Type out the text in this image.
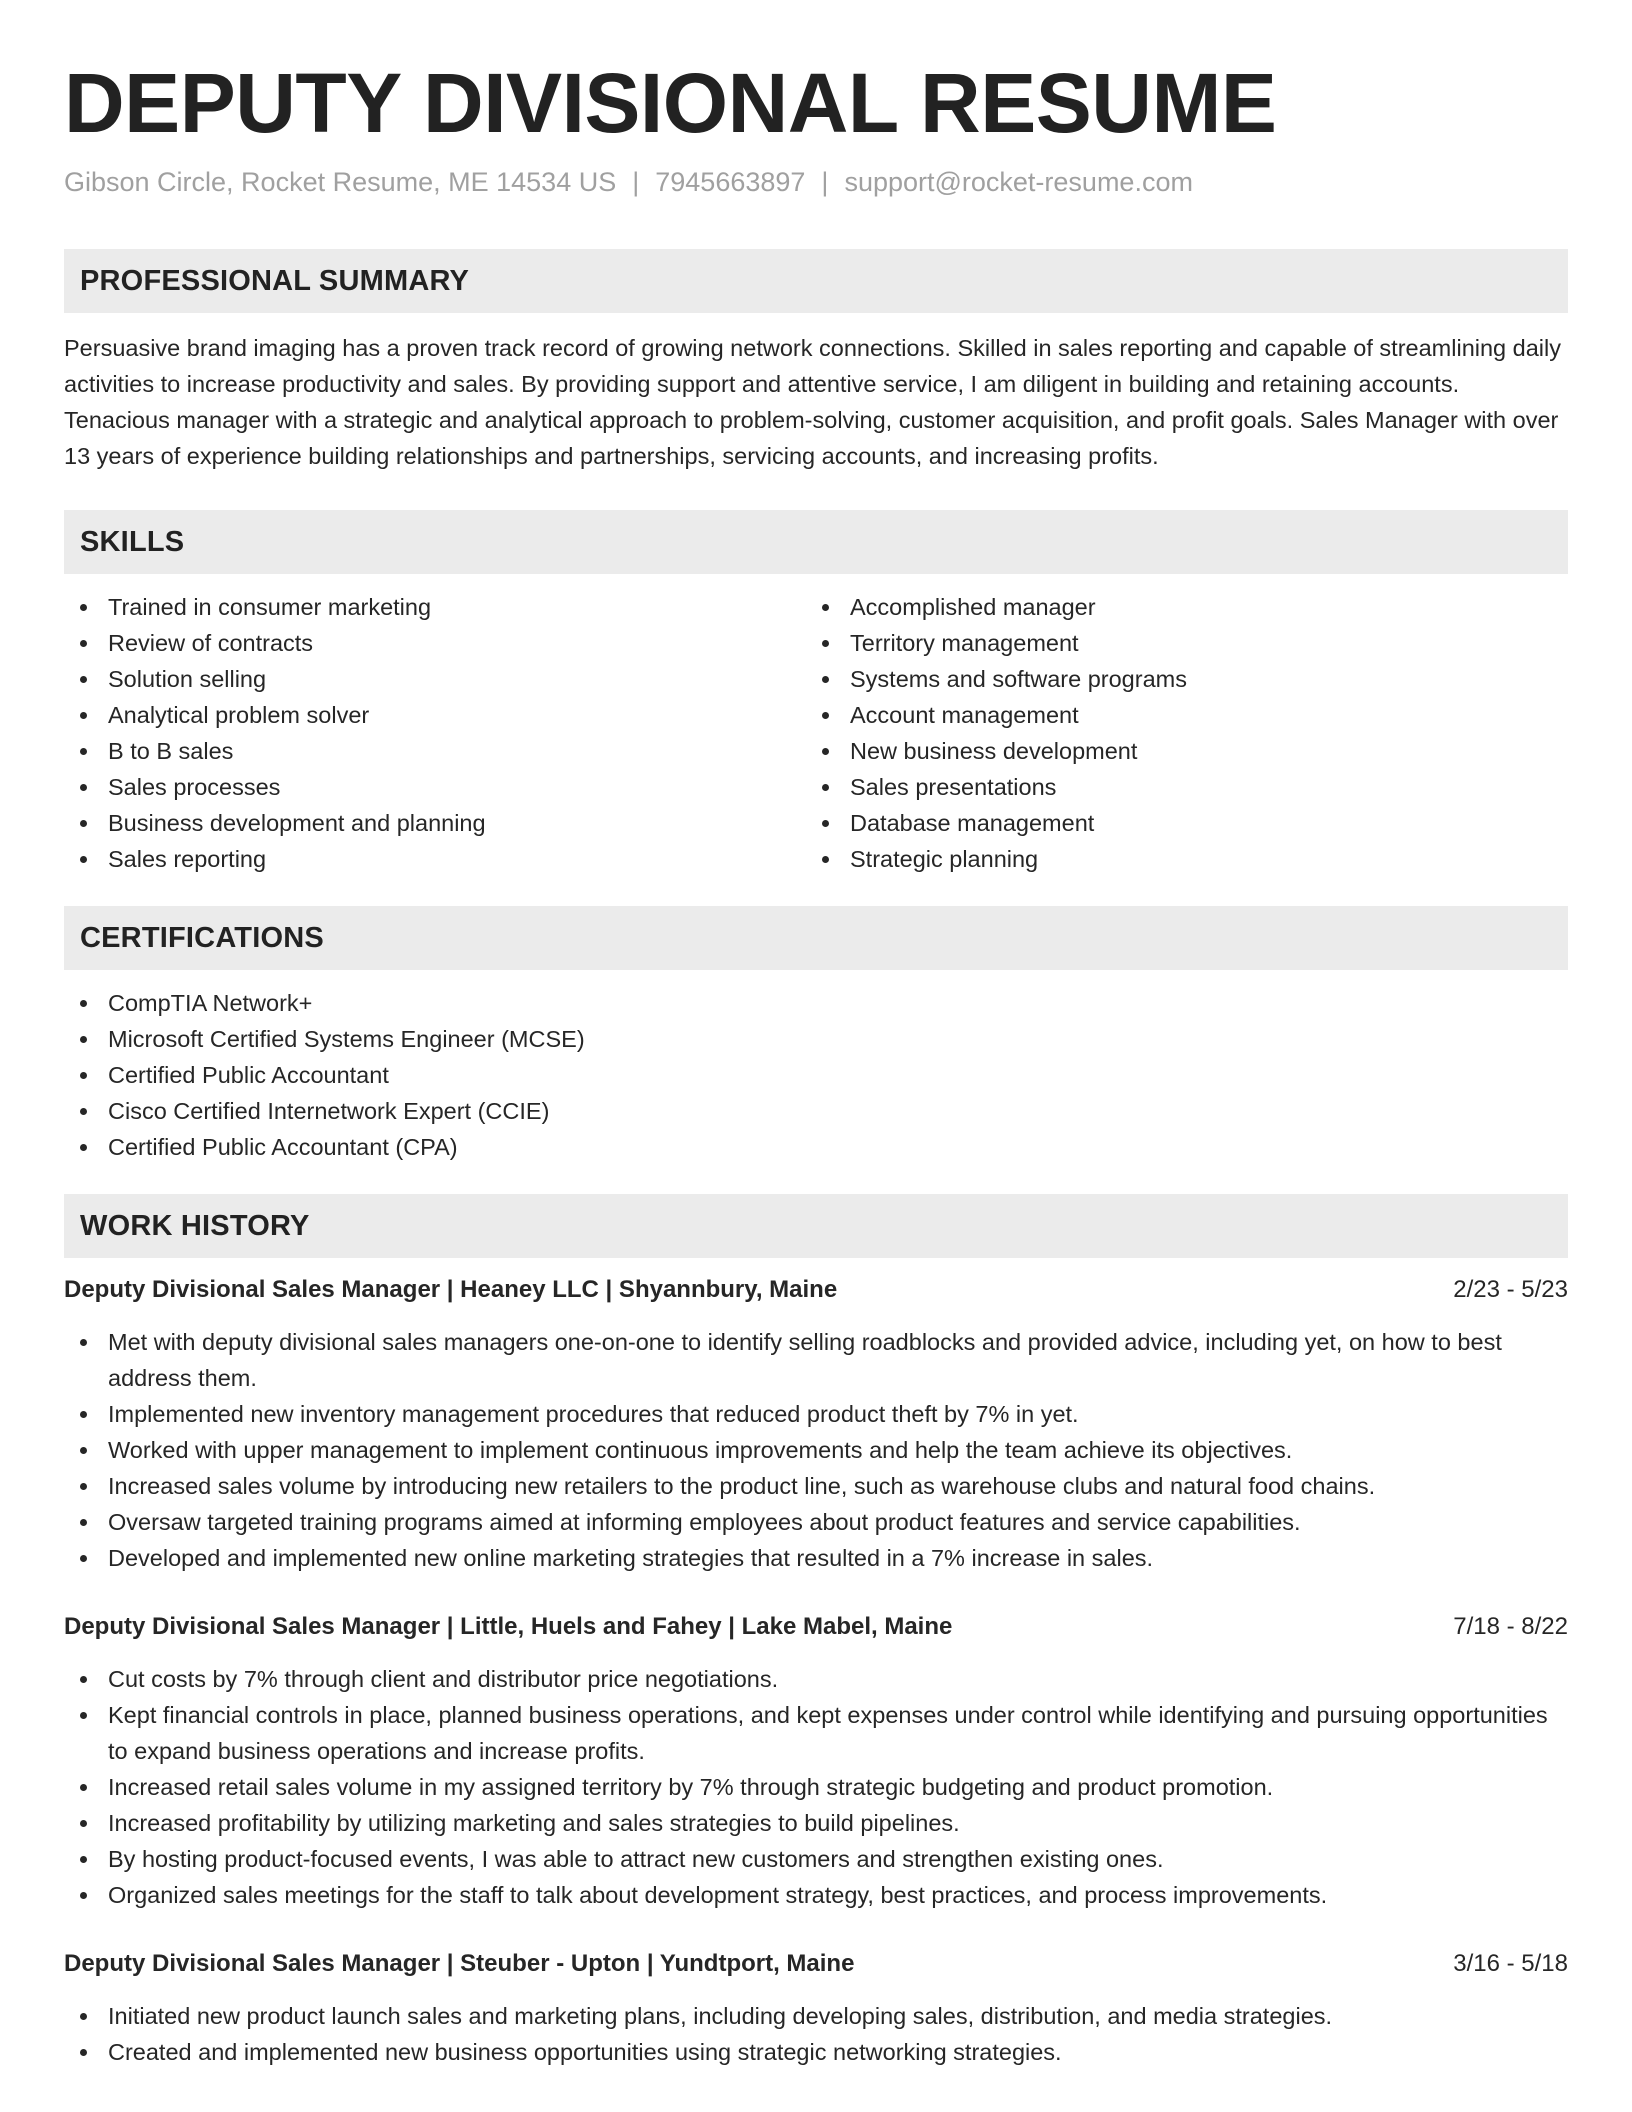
DEPUTY DIVISIONAL RESUME
Gibson Circle, Rocket Resume, ME 14534 US | 7945663897 | support@rocket-resume.com
PROFESSIONAL SUMMARY
Persuasive brand imaging has a proven track record of growing network connections. Skilled in sales reporting and capable of streamlining daily activities to increase productivity and sales. By providing support and attentive service, I am diligent in building and retaining accounts. Tenacious manager with a strategic and analytical approach to problem-solving, customer acquisition, and profit goals. Sales Manager with over 13 years of experience building relationships and partnerships, servicing accounts, and increasing profits.
SKILLS
Trained in consumer marketing
Review of contracts
Solution selling
Analytical problem solver
B to B sales
Sales processes
Business development and planning
Sales reporting
Accomplished manager
Territory management
Systems and software programs
Account management
New business development
Sales presentations
Database management
Strategic planning
CERTIFICATIONS
CompTIA Network+
Microsoft Certified Systems Engineer (MCSE)
Certified Public Accountant
Cisco Certified Internetwork Expert (CCIE)
Certified Public Accountant (CPA)
WORK HISTORY
Deputy Divisional Sales Manager | Heaney LLC | Shyannbury, Maine	2/23 - 5/23
Met with deputy divisional sales managers one-on-one to identify selling roadblocks and provided advice, including yet, on how to best address them.
Implemented new inventory management procedures that reduced product theft by 7% in yet.
Worked with upper management to implement continuous improvements and help the team achieve its objectives.
Increased sales volume by introducing new retailers to the product line, such as warehouse clubs and natural food chains.
Oversaw targeted training programs aimed at informing employees about product features and service capabilities.
Developed and implemented new online marketing strategies that resulted in a 7% increase in sales.
Deputy Divisional Sales Manager | Little, Huels and Fahey | Lake Mabel, Maine	7/18 - 8/22
Cut costs by 7% through client and distributor price negotiations.
Kept financial controls in place, planned business operations, and kept expenses under control while identifying and pursuing opportunities to expand business operations and increase profits.
Increased retail sales volume in my assigned territory by 7% through strategic budgeting and product promotion.
Increased profitability by utilizing marketing and sales strategies to build pipelines.
By hosting product-focused events, I was able to attract new customers and strengthen existing ones.
Organized sales meetings for the staff to talk about development strategy, best practices, and process improvements.
Deputy Divisional Sales Manager | Steuber - Upton | Yundtport, Maine	3/16 - 5/18
Initiated new product launch sales and marketing plans, including developing sales, distribution, and media strategies.
Created and implemented new business opportunities using strategic networking strategies.
